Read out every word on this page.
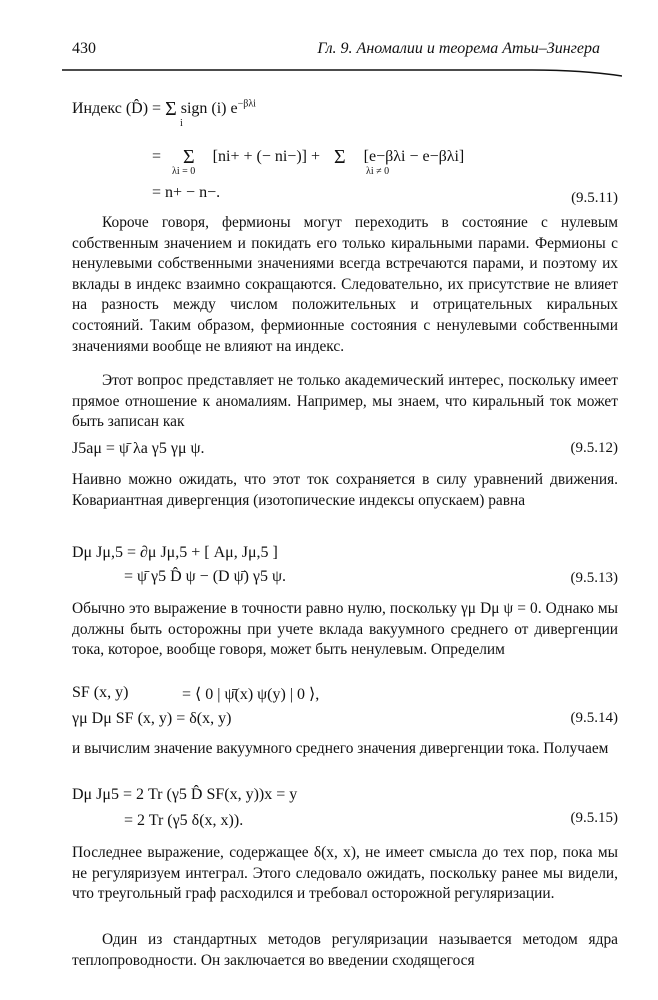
430	Гл. 9. Аномалии и теорема Атьи–Зингера
Индекс (D̂) = Σ sign (i) $e^{-\beta\lambda i}$
i
= Σ [ni+ + (− ni−)] + Σ [e−βλi − e−βλi]
λi = 0	λi ≠ 0
= n+ − n−.	(9.5.11)

Короче говоря, фермионы могут переходить в состояние с нулевым собственным значением и покидать его только киральными парами. Фермионы с ненулевыми собственными значениями всегда встречаются парами, и поэтому их вклады в индекс взаимно сокращаются. Следовательно, их присутствие не влияет на разность между числом положительных и отрицательных киральных состояний. Таким образом, фермионные состояния с ненулевыми собственными значениями вообще не влияют на индекс.

Этот вопрос представляет не только академический интерес, поскольку имеет прямое отношение к аномалиям. Например, мы знаем, что киральный ток может быть записан как

J5aμ = ψ̄ λa γ5 γμ ψ.	(9.5.12)

Наивно можно ожидать, что этот ток сохраняется в силу уравнений движения. Ковариантная дивергенция (изотопические индексы опускаем) равна

Dμ Jμ,5 = ∂μ Jμ,5 + [ Aμ, Jμ,5 ]
= ψ̄ γ5 D̂ ψ − (D ψ̄) γ5 ψ.	(9.5.13)

Обычно это выражение в точности равно нулю, поскольку γμ Dμ ψ = 0. Однако мы должны быть осторожны при учете вклада вакуумного среднего от дивергенции тока, которое, вообще говоря, может быть ненулевым. Определим

SF (x, y)	= ⟨ 0 | ψ̄(x) ψ(y) | 0 ⟩,
γμ Dμ SF (x, y) = δ(x, y)	(9.5.14)

и вычислим значение вакуумного среднего значения дивергенции тока. Получаем

Dμ Jμ5 = 2 Tr (γ5 D̂ SF(x, y))x = y
= 2 Tr (γ5 δ(x, x)).	(9.5.15)

Последнее выражение, содержащее δ(x, x), не имеет смысла до тех пор, пока мы не регуляризуем интеграл. Этого следовало ожидать, поскольку ранее мы видели, что треугольный граф расходился и требовал осторожной регуляризации.

Один из стандартных методов регуляризации называется методом ядра теплопроводности. Он заключается во введении сходящегося
